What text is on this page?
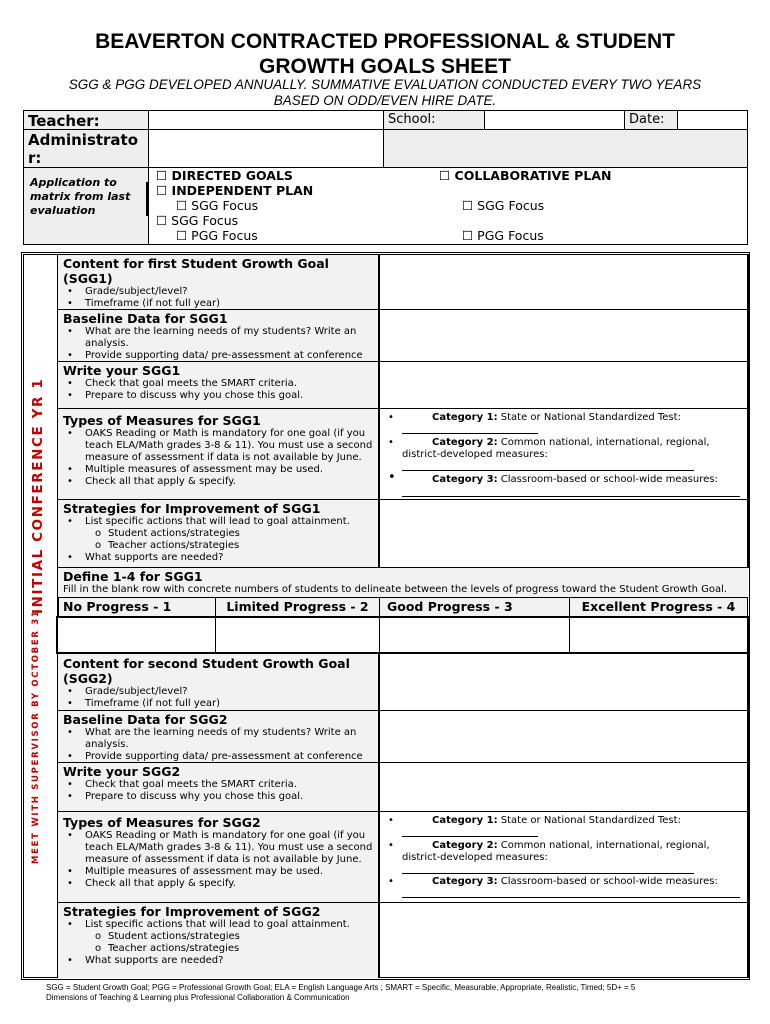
BEAVERTON CONTRACTED PROFESSIONAL & STUDENT
GROWTH GOALS SHEET
SGG & PGG DEVELOPED ANNUALLY. SUMMATIVE EVALUATION CONDUCTED EVERY TWO YEARS
BASED ON ODD/EVEN HIRE DATE.
Teacher:	School:	Date:
Administrato
r:
Application to
matrix from last
evaluation
☐ DIRECTED GOALS	☐ COLLABORATIVE PLAN
☐ INDEPENDENT PLAN
☐ SGG Focus	☐ SGG Focus
☐ SGG Focus
☐ PGG Focus	☐ PGG Focus
INITIAL CONFERENCE YR 1
MEET WITH SUPERVISOR BY OCTOBER 31
Content for first Student Growth Goal
(SGG1)
• Grade/subject/level?
• Timeframe (if not full year)
Baseline Data for SGG1
• What are the learning needs of my students? Write an analysis.
• Provide supporting data/ pre-assessment at conference
Write your SGG1
• Check that goal meets the SMART criteria.
• Prepare to discuss why you chose this goal.
Types of Measures for SGG1
• OAKS Reading or Math is mandatory for one goal (if you teach ELA/Math grades 3-8 & 11). You must use a second measure of assessment if data is not available by June.
• Multiple measures of assessment may be used.
• Check all that apply & specify.
•	Category 1: State or National Standardized Test:
•	Category 2: Common national, international, regional,
district-developed measures:
•	Category 3: Classroom-based or school-wide measures:
Strategies for Improvement of SGG1
• List specific actions that will lead to goal attainment.
o Student actions/strategies
o Teacher actions/strategies
• What supports are needed?
Define 1-4 for SGG1
Fill in the blank row with concrete numbers of students to delineate between the levels of progress toward the Student Growth Goal.
No Progress - 1	Limited Progress - 2	Good Progress - 3	Excellent Progress - 4
Content for second Student Growth Goal
(SGG2)
• Grade/subject/level?
• Timeframe (if not full year)
Baseline Data for SGG2
• What are the learning needs of my students? Write an analysis.
• Provide supporting data/ pre-assessment at conference
Write your SGG2
• Check that goal meets the SMART criteria.
• Prepare to discuss why you chose this goal.
Types of Measures for SGG2
• OAKS Reading or Math is mandatory for one goal (if you teach ELA/Math grades 3-8 & 11). You must use a second measure of assessment if data is not available by June.
• Multiple measures of assessment may be used.
• Check all that apply & specify.
•	Category 1: State or National Standardized Test:
•	Category 2: Common national, international, regional,
district-developed measures:
•	Category 3: Classroom-based or school-wide measures:
Strategies for Improvement of SGG2
• List specific actions that will lead to goal attainment.
o Student actions/strategies
o Teacher actions/strategies
• What supports are needed?
SGG = Student Growth Goal; PGG = Professional Growth Goal; ELA = English Language Arts ; SMART = Specific, Measurable, Appropriate, Realistic, Timed; 5D+ = 5
Dimensions of Teaching & Learning plus Professional Collaboration & Communication
